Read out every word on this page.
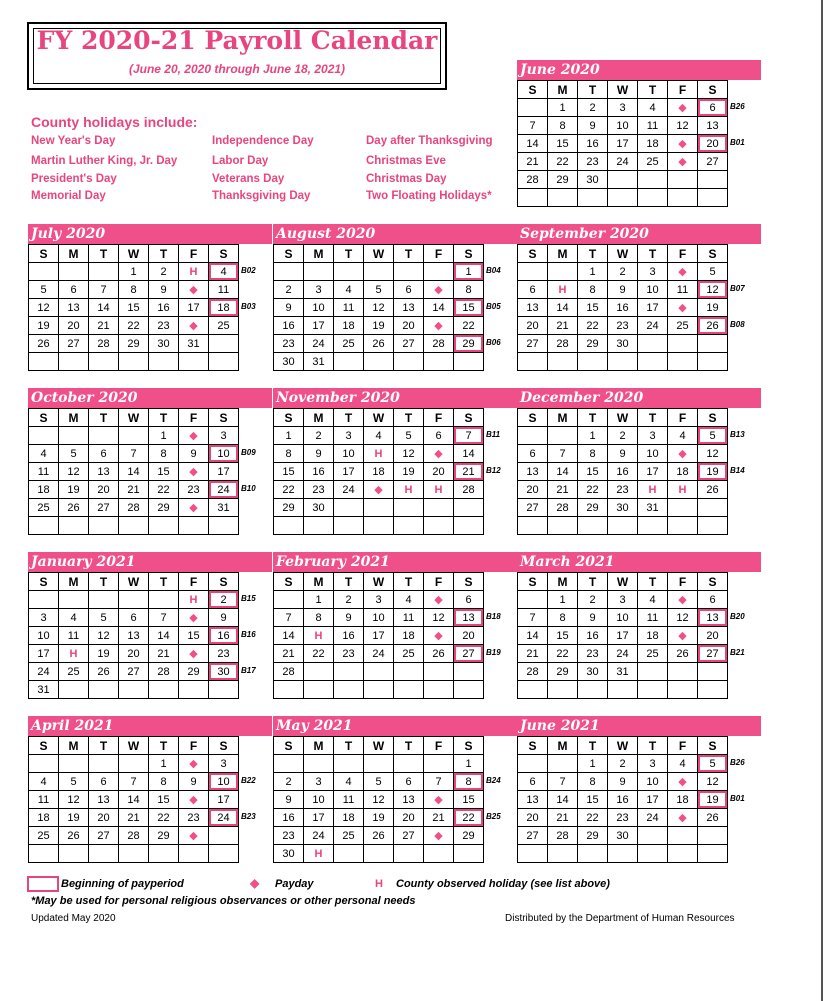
FY 2020-21 Payroll Calendar
(June 20, 2020 through June 18, 2021)
County holidays include:
New Year's Day
Martin Luther King, Jr. Day
President's Day
Memorial Day
Independence Day
Labor Day
Veterans Day
Thanksgiving Day
Day after Thanksgiving
Christmas Eve
Christmas Day
Two Floating Holidays*
June 2020
S	M	T	W	T	F	S
	1	2	3	4	◆	6
7	8	9	10	11	12	13
14	15	16	17	18	◆	20
21	22	23	24	25	◆	27
28	29	30				

B26
B01
July 2020
S	M	T	W	T	F	S
			1	2	H	4
5	6	7	8	9	◆	11
12	13	14	15	16	17	18
19	20	21	22	23	◆	25
26	27	28	29	30	31	

B02
B03
August 2020
S	M	T	W	T	F	S
						1
2	3	4	5	6	◆	8
9	10	11	12	13	14	15
16	17	18	19	20	◆	22
23	24	25	26	27	28	29
30	31					
B04
B05
B06
September 2020
S	M	T	W	T	F	S
		1	2	3	◆	5
6	H	8	9	10	11	12
13	14	15	16	17	◆	19
20	21	22	23	24	25	26
27	28	29	30			

B07
B08
October 2020
S	M	T	W	T	F	S
				1	◆	3
4	5	6	7	8	9	10
11	12	13	14	15	◆	17
18	19	20	21	22	23	24
25	26	27	28	29	◆	31

B09
B10
November 2020
S	M	T	W	T	F	S
1	2	3	4	5	6	7
8	9	10	H	12	◆	14
15	16	17	18	19	20	21
22	23	24	◆	H	H	28
29	30					

B11
B12
December 2020
S	M	T	W	T	F	S
		1	2	3	4	5
6	7	8	9	10	◆	12
13	14	15	16	17	18	19
20	21	22	23	H	H	26
27	28	29	30	31		

B13
B14
January 2021
S	M	T	W	T	F	S
					H	2
3	4	5	6	7	◆	9
10	11	12	13	14	15	16
17	H	19	20	21	◆	23
24	25	26	27	28	29	30
31						
B15
B16
B17
February 2021
S	M	T	W	T	F	S
	1	2	3	4	◆	6
7	8	9	10	11	12	13
14	H	16	17	18	◆	20
21	22	23	24	25	26	27
28						

B18
B19
March 2021
S	M	T	W	T	F	S
	1	2	3	4	◆	6
7	8	9	10	11	12	13
14	15	16	17	18	◆	20
21	22	23	24	25	26	27
28	29	30	31			

B20
B21
April 2021
S	M	T	W	T	F	S
				1	◆	3
4	5	6	7	8	9	10
11	12	13	14	15	◆	17
18	19	20	21	22	23	24
25	26	27	28	29	◆	

B22
B23
May 2021
S	M	T	W	T	F	S
						1
2	3	4	5	6	7	8
9	10	11	12	13	◆	15
16	17	18	19	20	21	22
23	24	25	26	27	◆	29
30	H					
B24
B25
June 2021
S	M	T	W	T	F	S
		1	2	3	4	5
6	7	8	9	10	◆	12
13	14	15	16	17	18	19
20	21	22	23	24	◆	26
27	28	29	30			

B26
B01
Beginning of payperiod	◆ Payday	H County observed holiday (see list above)
*May be used for personal religious observances or other personal needs
Updated May 2020	Distributed by the Department of Human Resources
